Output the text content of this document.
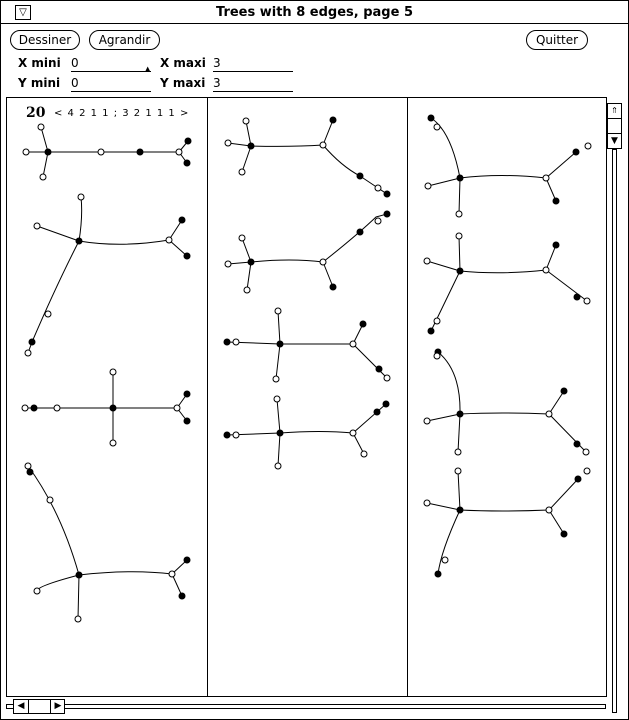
▽	Trees with 8 edges, page 5
Dessiner	Agrandir	Quitter
X mini 0	▲ X maxi 3
Y mini 0	Y maxi 3
20 < 4 2 1 1 ; 3 2 1 1 1 >	⇑
▼
◀	▶
